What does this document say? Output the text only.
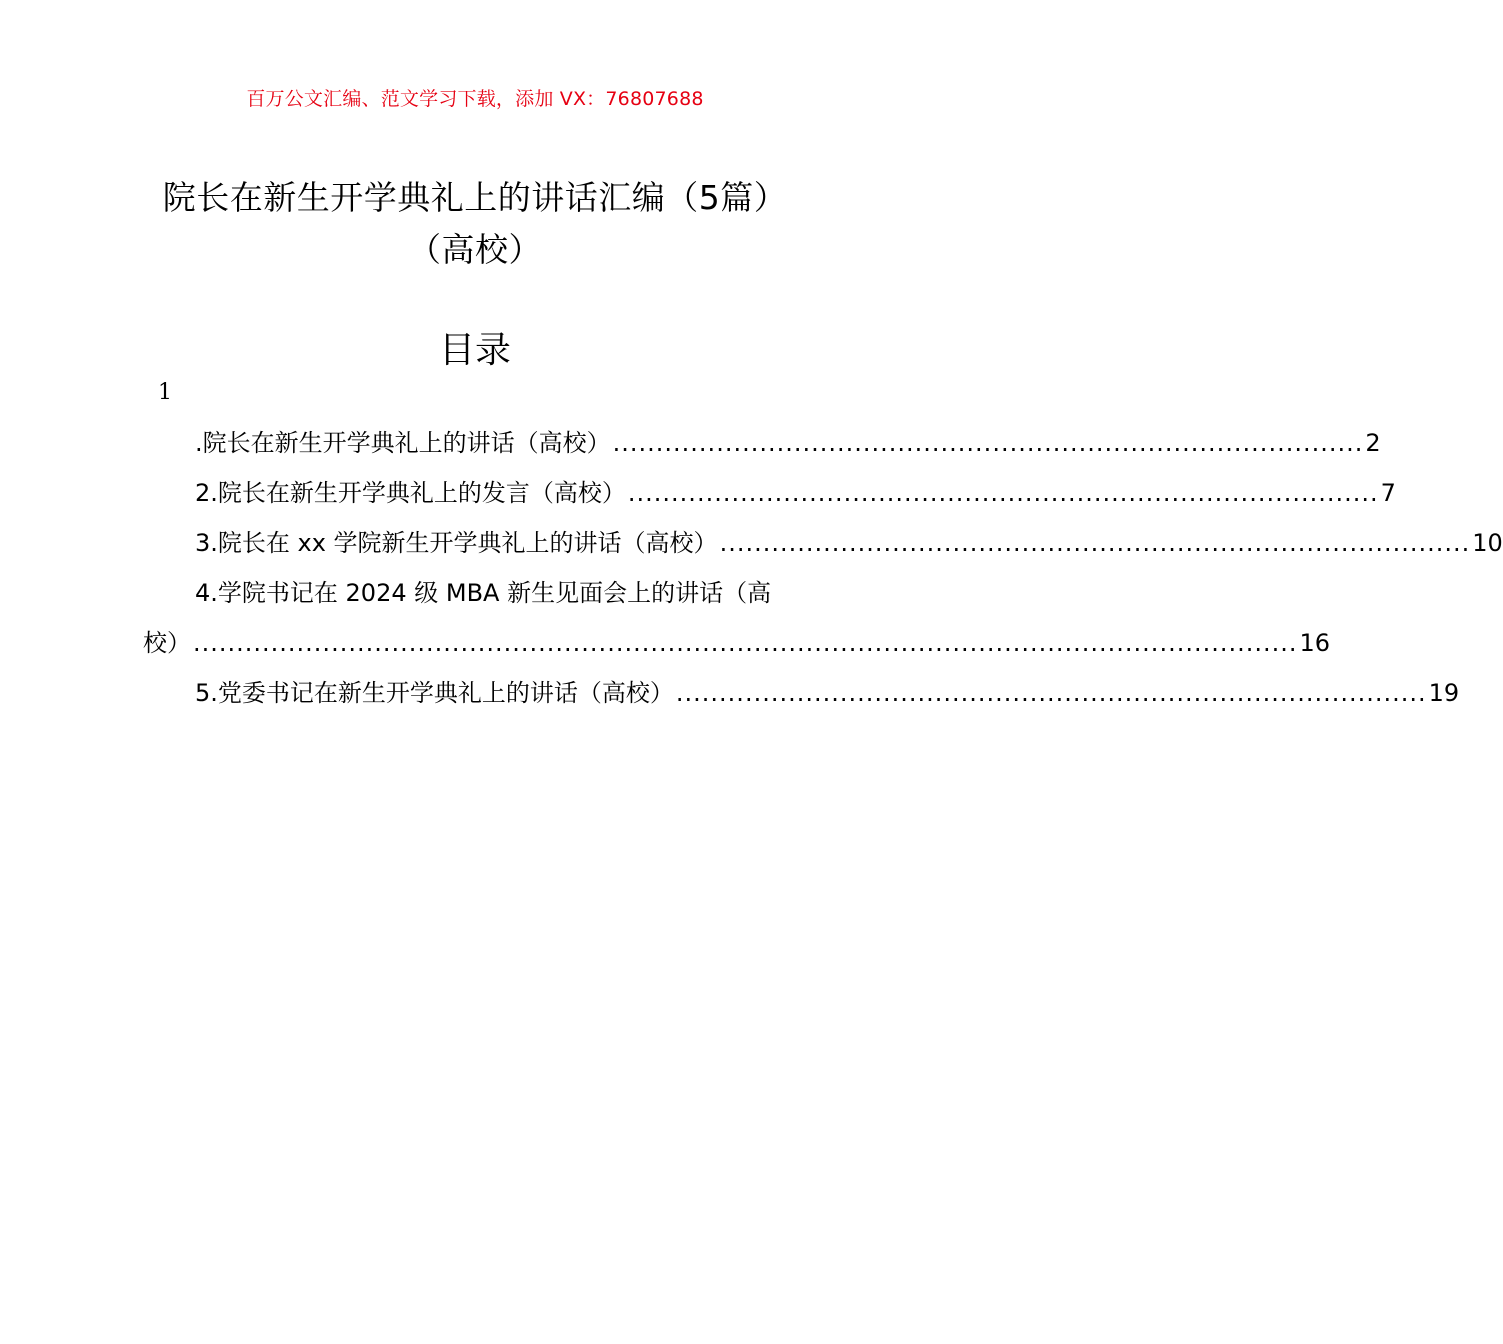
百万公文汇编、范文学习下载，添加 VX：76807688
院长在新生开学典礼上的讲话汇编（5篇）
（高校）
目录
1
.院长在新生开学典礼上的讲话（高校） ....................................................................................... 2
2.院长在新生开学典礼上的发言（高校） ....................................................................................... 7
3.院长在 xx 学院新生开学典礼上的讲话（高校） ....................................................................................... 10
4.学院书记在 2024 级 MBA 新生见面会上的讲话（高
校） ................................................................................................................................ 16
5.党委书记在新生开学典礼上的讲话（高校） ....................................................................................... 19
